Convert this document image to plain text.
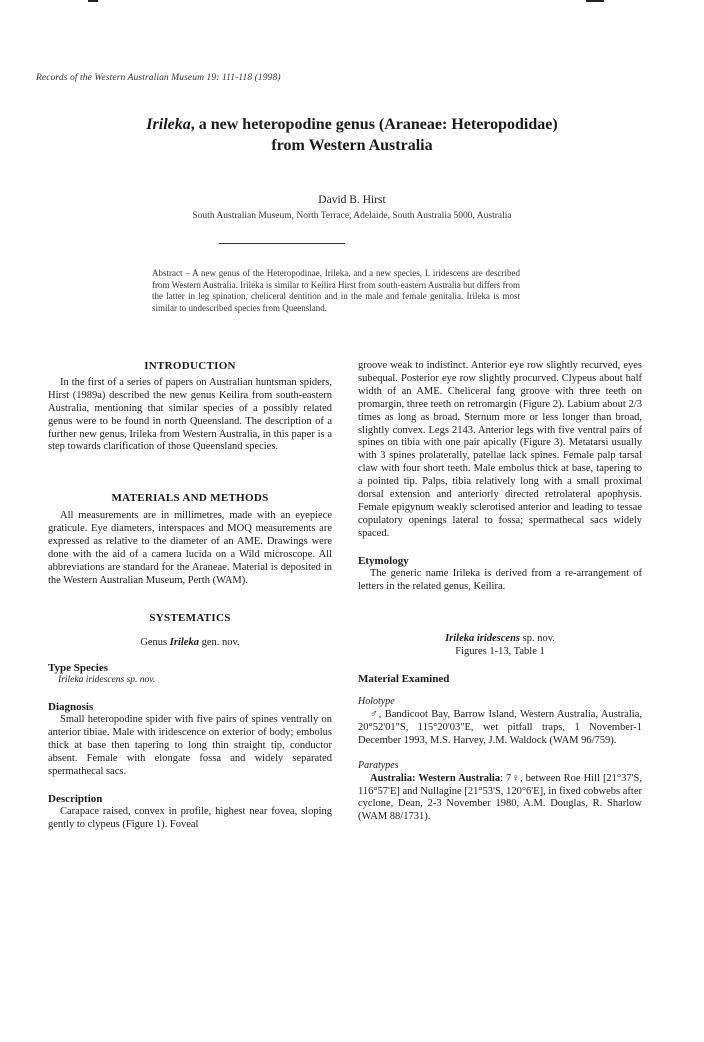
Records of the Western Australian Museum 19: 111-118 (1998)
Irileka, a new heteropodine genus (Araneae: Heteropodidae)
from Western Australia
David B. Hirst
South Australian Museum, North Terrace, Adelaide, South Australia 5000, Australia
Abstract – A new genus of the Heteropodinae, Irileka, and a new species, I. iridescens are described from Western Australia. Irileka is similar to Keilira Hirst from south-eastern Australia but differs from the latter in leg spination, cheliceral dentition and in the male and female genitalia. Irileka is most similar to undescribed species from Queensland.
INTRODUCTION

In the first of a series of papers on Australian huntsman spiders, Hirst (1989a) described the new genus Keilira from south-eastern Australia, mentioning that similar species of a possibly related genus were to be found in north Queensland. The description of a further new genus, Irileka from Western Australia, in this paper is a step towards clarification of those Queensland species.

MATERIALS AND METHODS

All measurements are in millimetres, made with an eyepiece graticule. Eye diameters, interspaces and MOQ measurements are expressed as relative to the diameter of an AME. Drawings were done with the aid of a camera lucida on a Wild microscope. All abbreviations are standard for the Araneae. Material is deposited in the Western Australian Museum, Perth (WAM).

SYSTEMATICS

Genus Irileka gen. nov.

Type Species

Irileka iridescens sp. nov.

Diagnosis

Small heteropodine spider with five pairs of spines ventrally on anterior tibiae. Male with iridescence on exterior of body; embolus thick at base then tapering to long thin straight tip, conductor absent. Female with elongate fossa and widely separated spermathecal sacs.

Description

Carapace raised, convex in profile, highest near fovea, sloping gently to clypeus (Figure 1). Foveal

groove weak to indistinct. Anterior eye row slightly recurved, eyes subequal. Posterior eye row slightly procurved. Clypeus about half width of an AME. Cheliceral fang groove with three teeth on promargin, three teeth on retromargin (Figure 2). Labium about 2/3 times as long as broad. Sternum more or less longer than broad, slightly convex. Legs 2143. Anterior legs with five ventral pairs of spines on tibia with one pair apically (Figure 3). Metatarsi usually with 3 spines prolaterally, patellae lack spines. Female palp tarsal claw with four short teeth. Male embolus thick at base, tapering to a pointed tip. Palps, tibia relatively long with a small proximal dorsal extension and anteriorly directed retrolateral apophysis. Female epigynum weakly sclerotised anterior and leading to tessae copulatory openings lateral to fossa; spermathecal sacs widely spaced.

Etymology

The generic name Irileka is derived from a re-arrangement of letters in the related genus, Keilira.

Irileka iridescens sp. nov.

Figures 1-13, Table 1

Material Examined

Holotype

♂, Bandicoot Bay, Barrow Island, Western Australia, Australia, 20°52'01"S, 115°20'03"E, wet pitfall traps, 1 November-1 December 1993, M.S. Harvey, J.M. Waldock (WAM 96/759).

Paratypes

Australia: Western Australia: 7♀, between Roe Hill [21°37'S, 116°57'E] and Nullagine [21°53'S, 120°6'E], in fixed cobwebs after cyclone, Dean, 2-3 November 1980, A.M. Douglas, R. Sharlow (WAM 88/1731).
